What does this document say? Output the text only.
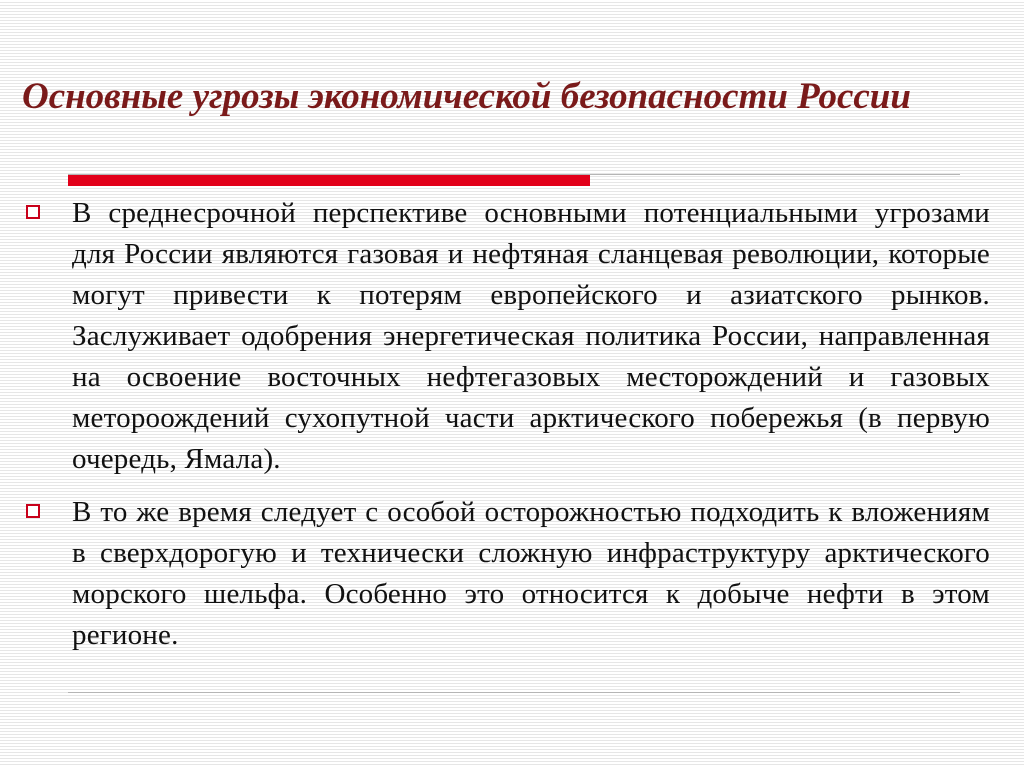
Основные угрозы экономической безопасности России
В среднесрочной перспективе основными потенциальными угрозами для России являются газовая и нефтяная сланцевая революции, которые могут привести к потерям европейского и азиатского рынков. Заслуживает одобрения энергетическая политика России, направленная на освоение восточных нефтегазовых месторождений и газовых метороождений сухопутной части арктического побережья (в первую очередь, Ямала).
В то же время следует с особой осторожностью подходить к вложениям в сверхдорогую и технически сложную инфраструктуру арктического морского шельфа. Особенно это относится к добыче нефти в этом регионе.
